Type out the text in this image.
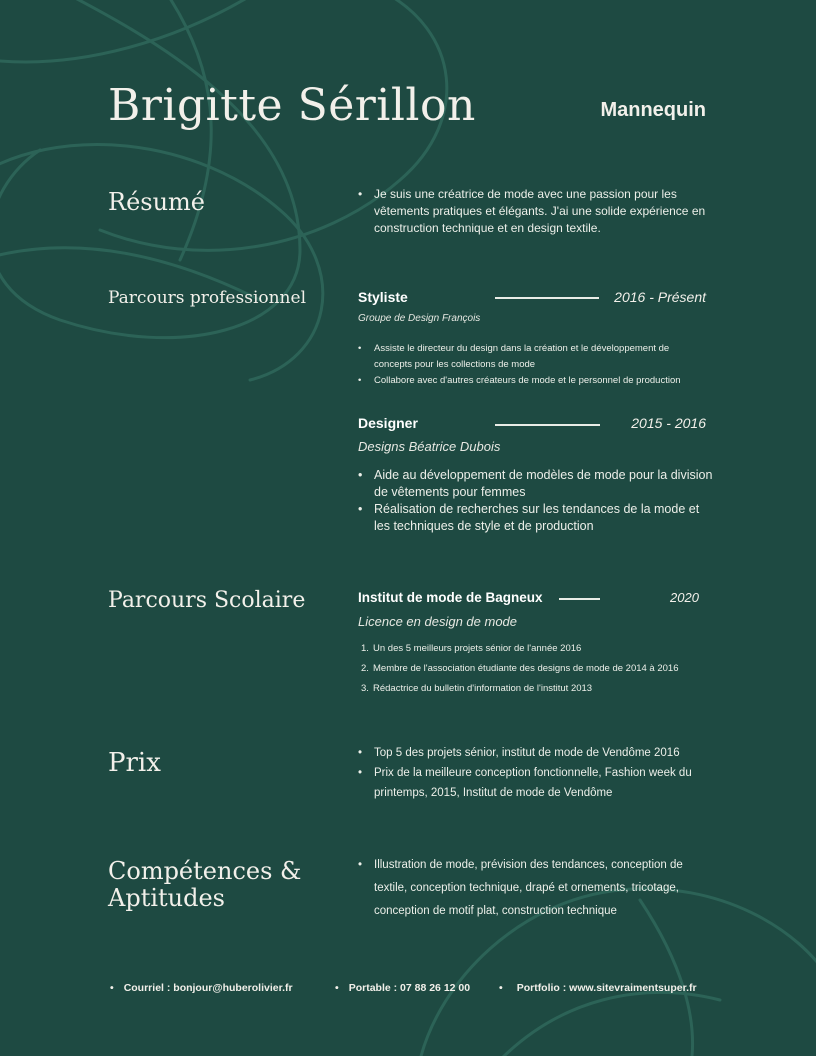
Brigitte Sérillon	Mannequin
Résumé	• Je suis une créatrice de mode avec une passion pour les vêtements pratiques et élégants. J'ai une solide expérience en construction technique et en design textile.
Parcours professionnel	Styliste	2016 - Présent
Groupe de Design François
• Assiste le directeur du design dans la création et le développement de concepts pour les collections de mode
• Collabore avec d'autres créateurs de mode et le personnel de production
Designer	2015 - 2016
Designs Béatrice Dubois
• Aide au développement de modèles de mode pour la division de vêtements pour femmes
• Réalisation de recherches sur les tendances de la mode et les techniques de style et de production
Parcours Scolaire	Institut de mode de Bagneux	2020
Licence en design de mode
1. Un des 5 meilleurs projets sénior de l'année 2016
2. Membre de l'association étudiante des designs de mode de 2014 à 2016
3. Rédactrice du bulletin d'information de l'institut 2013
Prix	• Top 5 des projets sénior, institut de mode de Vendôme 2016
• Prix de la meilleure conception fonctionnelle, Fashion week du printemps, 2015, Institut de mode de Vendôme
Compétences &
Aptitudes
• Illustration de mode, prévision des tendances, conception de textile, conception technique, drapé et ornements, tricotage, conception de motif plat, construction technique
• Courriel : bonjour@huberolivier.fr	• Portable : 07 88 26 12 00	• Portfolio : www.sitevraimentsuper.fr
